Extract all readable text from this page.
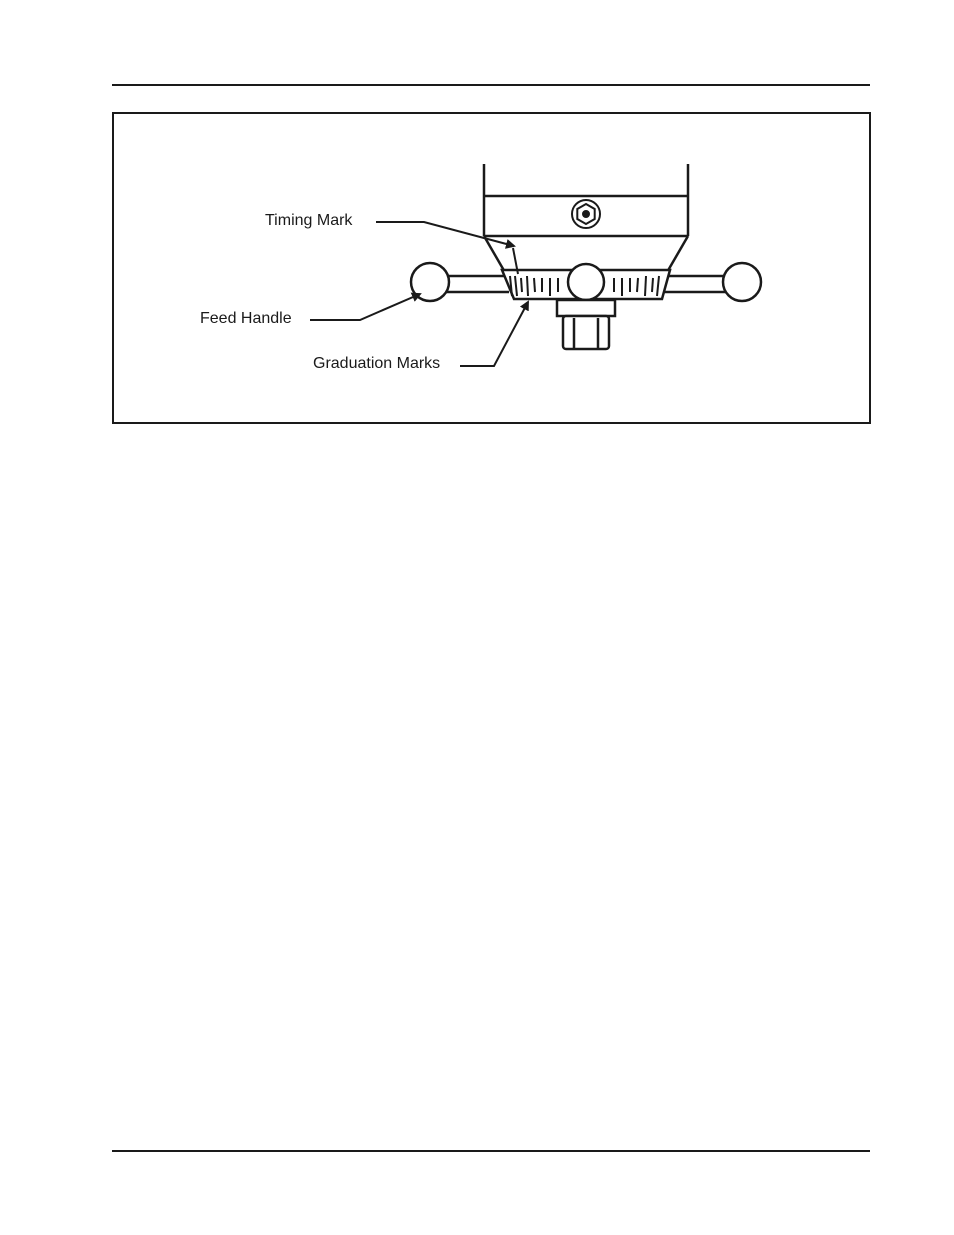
Timing Mark
Feed Handle
Graduation Marks
